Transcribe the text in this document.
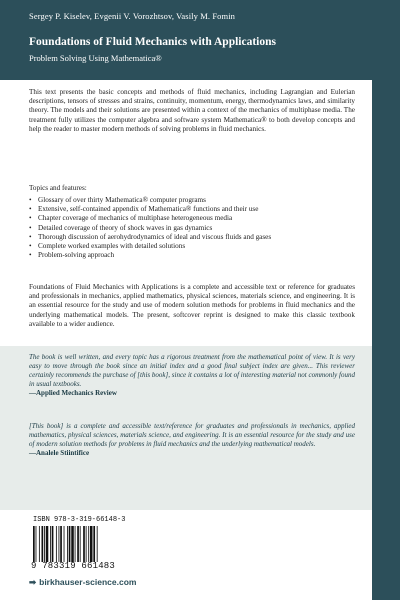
Sergey P. Kiselev, Evgenii V. Vorozhtsov, Vasily M. Fomin
Foundations of Fluid Mechanics with Applications
Problem Solving Using Mathematica®

This text presents the basic concepts and methods of fluid mechanics, including Lagrangian and Eulerian descriptions, tensors of stresses and strains, continuity, momentum, energy, thermodynamics laws, and similarity theory. The models and their solutions are presented within a context of the mechanics of multiphase media. The treatment fully utilizes the computer algebra and software system Mathematica® to both develop concepts and help the reader to master modern methods of solving problems in fluid mechanics.

Topics and features:

• Glossary of over thirty Mathematica® computer programs
• Extensive, self-contained appendix of Mathematica® functions and their use
• Chapter coverage of mechanics of multiphase heterogeneous media
• Detailed coverage of theory of shock waves in gas dynamics
• Thorough discussion of aerohydrodynamics of ideal and viscous fluids and gases
• Complete worked examples with detailed solutions
• Problem-solving approach

Foundations of Fluid Mechanics with Applications is a complete and accessible text or reference for graduates and professionals in mechanics, applied mathematics, physical sciences, materials science, and engineering. It is an essential resource for the study and use of modern solution methods for problems in fluid mechanics and the underlying mathematical models. The present, softcover reprint is designed to make this classic textbook available to a wider audience.

The book is well written, and every topic has a rigorous treatment from the mathematical point of view. It is very easy to move through the book since an initial index and a good final subject index are given... This reviewer certainly recommends the purchase of [this book], since it contains a lot of interesting material not commonly found in usual textbooks.
—Applied Mechanics Review

[This book] is a complete and accessible text/reference for graduates and professionals in mechanics, applied mathematics, physical sciences, materials science, and engineering. It is an essential resource for the study and use of modern solution methods for problems in fluid mechanics and the underlying mathematical models.
—Analele Stiintifice

ISBN 978-3-319-66148-3
9 783319 661483
➡ birkhauser-science.com
